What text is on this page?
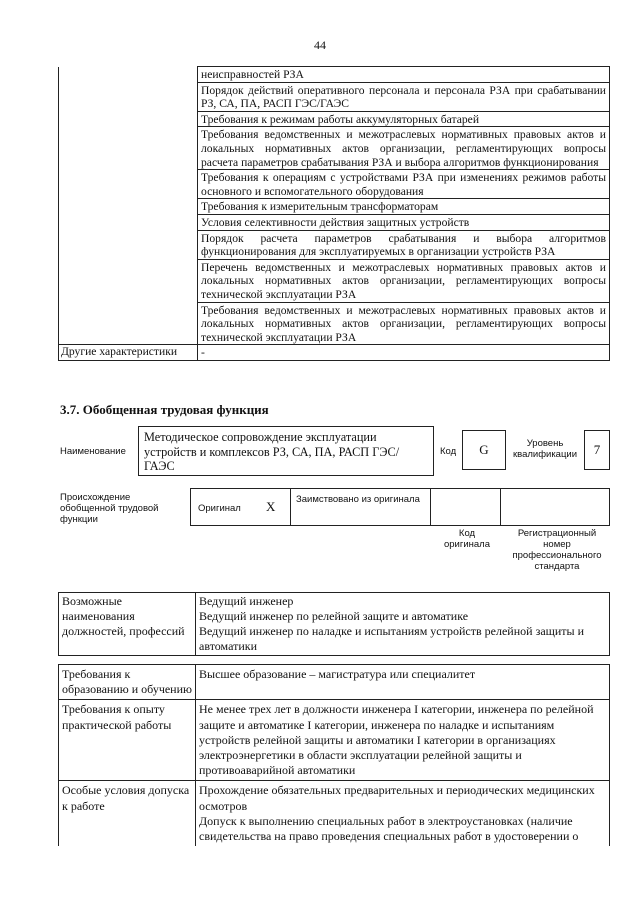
44
	неисправностей РЗА
	Порядок действий оперативного персонала и персонала РЗА при срабатывании РЗ, СА, ПА, РАСП ГЭС/ГАЭС
	Требования к режимам работы аккумуляторных батарей
	Требования ведомственных и межотраслевых нормативных правовых актов и локальных нормативных актов организации, регламентирующих вопросы расчета параметров срабатывания РЗА и выбора алгоритмов функционирования
	Требования к операциям с устройствами РЗА при изменениях режимов работы основного и вспомогательного оборудования
	Требования к измерительным трансформаторам
	Условия селективности действия защитных устройств
	Порядок расчета параметров срабатывания и выбора алгоритмов функционирования для эксплуатируемых в организации устройств РЗА
	Перечень ведомственных и межотраслевых нормативных правовых актов и локальных нормативных актов организации, регламентирующих вопросы технической эксплуатации РЗА
	Требования ведомственных и межотраслевых нормативных правовых актов и локальных нормативных актов организации, регламентирующих вопросы технической эксплуатации РЗА
Другие характеристики	-
3.7. Обобщенная трудовая функция
Наименование
Методическое сопровождение эксплуатации устройств и комплексов РЗ, СА, ПА, РАСП ГЭС/ГАЭС
Код	G	Уровень квалификации	7
Происхождение обобщенной трудовой функции
Оригинал X Заимствовано из оригинала
Код оригинала
Регистрационный номер профессионального стандарта
Возможные наименования должностей, профессий	
Ведущий инженер
Ведущий инженер по релейной защите и автоматике
Ведущий инженер по наладке и испытаниям устройств релейной защиты и автоматики
Требования к образованию и обучению	Высшее образование – магистратура или специалитет

Требования к опыту практической работы	Не менее трех лет в должности инженера I категории, инженера по релейной защите и автоматике I категории, инженера по наладке и испытаниям устройств релейной защиты и автоматики I категории в организациях электроэнергетики в области эксплуатации релейной защиты и противоаварийной автоматики

Особые условия допуска к работе	Прохождение обязательных предварительных и периодических медицинских осмотров
Допуск к выполнению специальных работ в электроустановках (наличие свидетельства на право проведения специальных работ в удостоверении о
